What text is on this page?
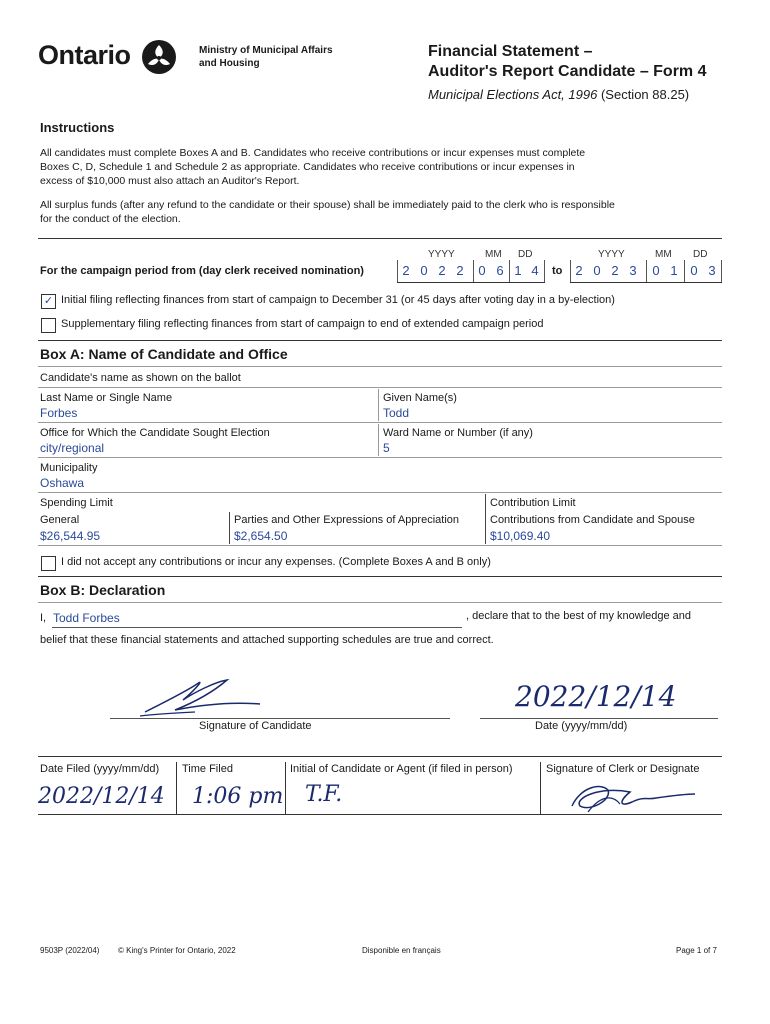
Ontario	Ministry of Municipal Affairs
and Housing
Financial Statement –
Auditor's Report Candidate – Form 4
Municipal Elections Act, 1996 (Section 88.25)
Instructions
All candidates must complete Boxes A and B. Candidates who receive contributions or incur expenses must complete
Boxes C, D, Schedule 1 and Schedule 2 as appropriate. Candidates who receive contributions or incur expenses in
excess of $10,000 must also attach an Auditor's Report.
All surplus funds (after any refund to the candidate or their spouse) shall be immediately paid to the clerk who is responsible
for the conduct of the election.
YYYY	MM DD	YYYY	MM DD
For the campaign period from (day clerk received nomination)	2 0 2 2 0 6 1 4	to 2 0 2 3 0 1 0 3
✓ Initial filing reflecting finances from start of campaign to December 31 (or 45 days after voting day in a by-election)
Supplementary filing reflecting finances from start of campaign to end of extended campaign period
Box A: Name of Candidate and Office
Candidate's name as shown on the ballot
Last Name or Single Name
Forbes
Given Name(s)
Todd
Office for Which the Candidate Sought Election
city/regional
Ward Name or Number (if any)
5
Municipality
Oshawa
Spending Limit	Contribution Limit
General
$26,544.95
Parties and Other Expressions of Appreciation
$2,654.50
Contributions from Candidate and Spouse
$10,069.40
I did not accept any contributions or incur any expenses. (Complete Boxes A and B only)
Box B: Declaration
I, Todd Forbes	, declare that to the best of my knowledge and
belief that these financial statements and attached supporting schedules are true and correct.
Signature of Candidate
2022/12/14
Date (yyyy/mm/dd)
Date Filed (yyyy/mm/dd) Time Filed	Initial of Candidate or Agent (if filed in person)	Signature of Clerk or Designate
2022/12/14 1:06 pm T.F.
9503P (2022/04) © King's Printer for Ontario, 2022	Disponible en français	Page 1 of 7
